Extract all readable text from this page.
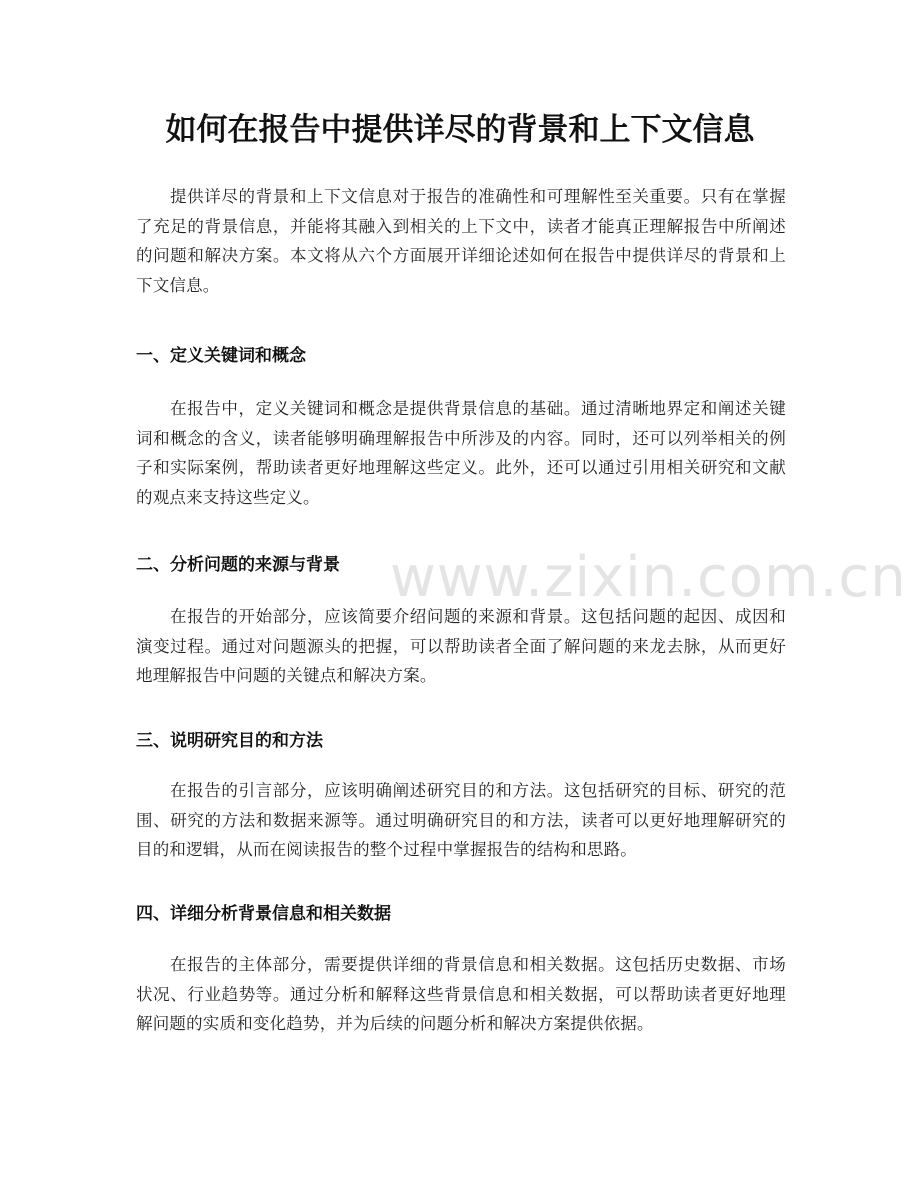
www.zixin.com.cn
如何在报告中提供详尽的背景和上下文信息

提供详尽的背景和上下文信息对于报告的准确性和可理解性至关重要。只有在掌握了充足的背景信息，并能将其融入到相关的上下文中，读者才能真正理解报告中所阐述的问题和解决方案。本文将从六个方面展开详细论述如何在报告中提供详尽的背景和上下文信息。

一、定义关键词和概念

在报告中，定义关键词和概念是提供背景信息的基础。通过清晰地界定和阐述关键词和概念的含义，读者能够明确理解报告中所涉及的内容。同时，还可以列举相关的例子和实际案例，帮助读者更好地理解这些定义。此外，还可以通过引用相关研究和文献的观点来支持这些定义。

二、分析问题的来源与背景

在报告的开始部分，应该简要介绍问题的来源和背景。这包括问题的起因、成因和演变过程。通过对问题源头的把握，可以帮助读者全面了解问题的来龙去脉，从而更好地理解报告中问题的关键点和解决方案。

三、说明研究目的和方法

在报告的引言部分，应该明确阐述研究目的和方法。这包括研究的目标、研究的范围、研究的方法和数据来源等。通过明确研究目的和方法，读者可以更好地理解研究的目的和逻辑，从而在阅读报告的整个过程中掌握报告的结构和思路。

四、详细分析背景信息和相关数据

在报告的主体部分，需要提供详细的背景信息和相关数据。这包括历史数据、市场状况、行业趋势等。通过分析和解释这些背景信息和相关数据，可以帮助读者更好地理解问题的实质和变化趋势，并为后续的问题分析和解决方案提供依据。
